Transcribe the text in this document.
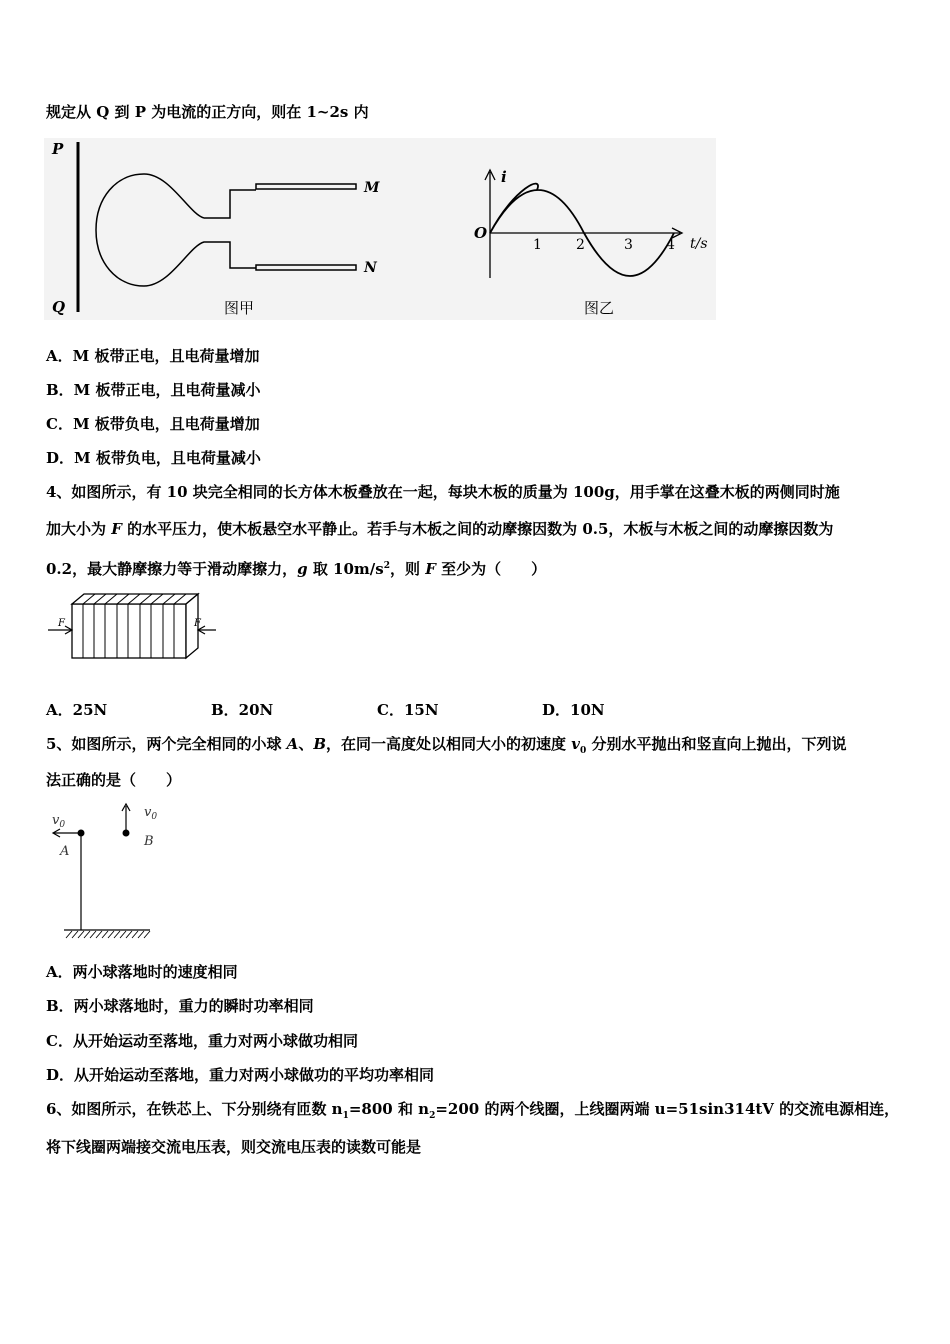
规定从 Q 到 P 为电流的正方向，则在 1~2s 内
P
Q
M
N
图甲
i
O
t/s
1 2	3 4
图乙
A．M 板带正电，且电荷量增加
B．M 板带正电，且电荷量减小
C．M 板带负电，且电荷量增加
D．M 板带负电，且电荷量减小
4、如图所示，有 10 块完全相同的长方体木板叠放在一起，每块木板的质量为 100g，用手掌在这叠木板的两侧同时施
加大小为 F 的水平压力，使木板悬空水平静止。若手与木板之间的动摩擦因数为 0.5，木板与木板之间的动摩擦因数为
0.2，最大静摩擦力等于滑动摩擦力，g 取 $10m/s^2$，则 F 至少为（　　）
F	F
A．25N	B．20N	C．15N	D．10N
5、如图所示，两个完全相同的小球 A、B，在同一高度处以相同大小的初速度 $v_0$ 分别水平抛出和竖直向上抛出，下列说
法正确的是（　　）
$v_0$
A
$v_0$
B
A．两小球落地时的速度相同
B．两小球落地时，重力的瞬时功率相同
C．从开始运动至落地，重力对两小球做功相同
D．从开始运动至落地，重力对两小球做功的平均功率相同
6、如图所示，在铁芯上、下分别绕有匝数 $n_1=800$ 和 $n_2=200$ 的两个线圈，上线圈两端 u=51sin314tV 的交流电源相连，
将下线圈两端接交流电压表，则交流电压表的读数可能是
